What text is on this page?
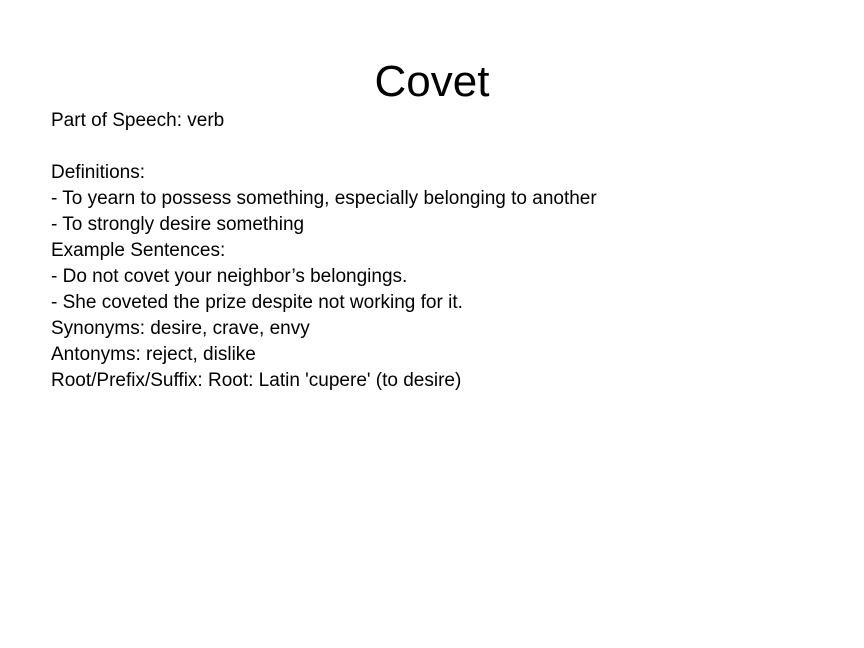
Covet
Part of Speech: verb
Definitions:
- To yearn to possess something, especially belonging to another
- To strongly desire something
Example Sentences:
- Do not covet your neighbor’s belongings.
- She coveted the prize despite not working for it.
Synonyms: desire, crave, envy
Antonyms: reject, dislike
Root/Prefix/Suffix: Root: Latin 'cupere' (to desire)
